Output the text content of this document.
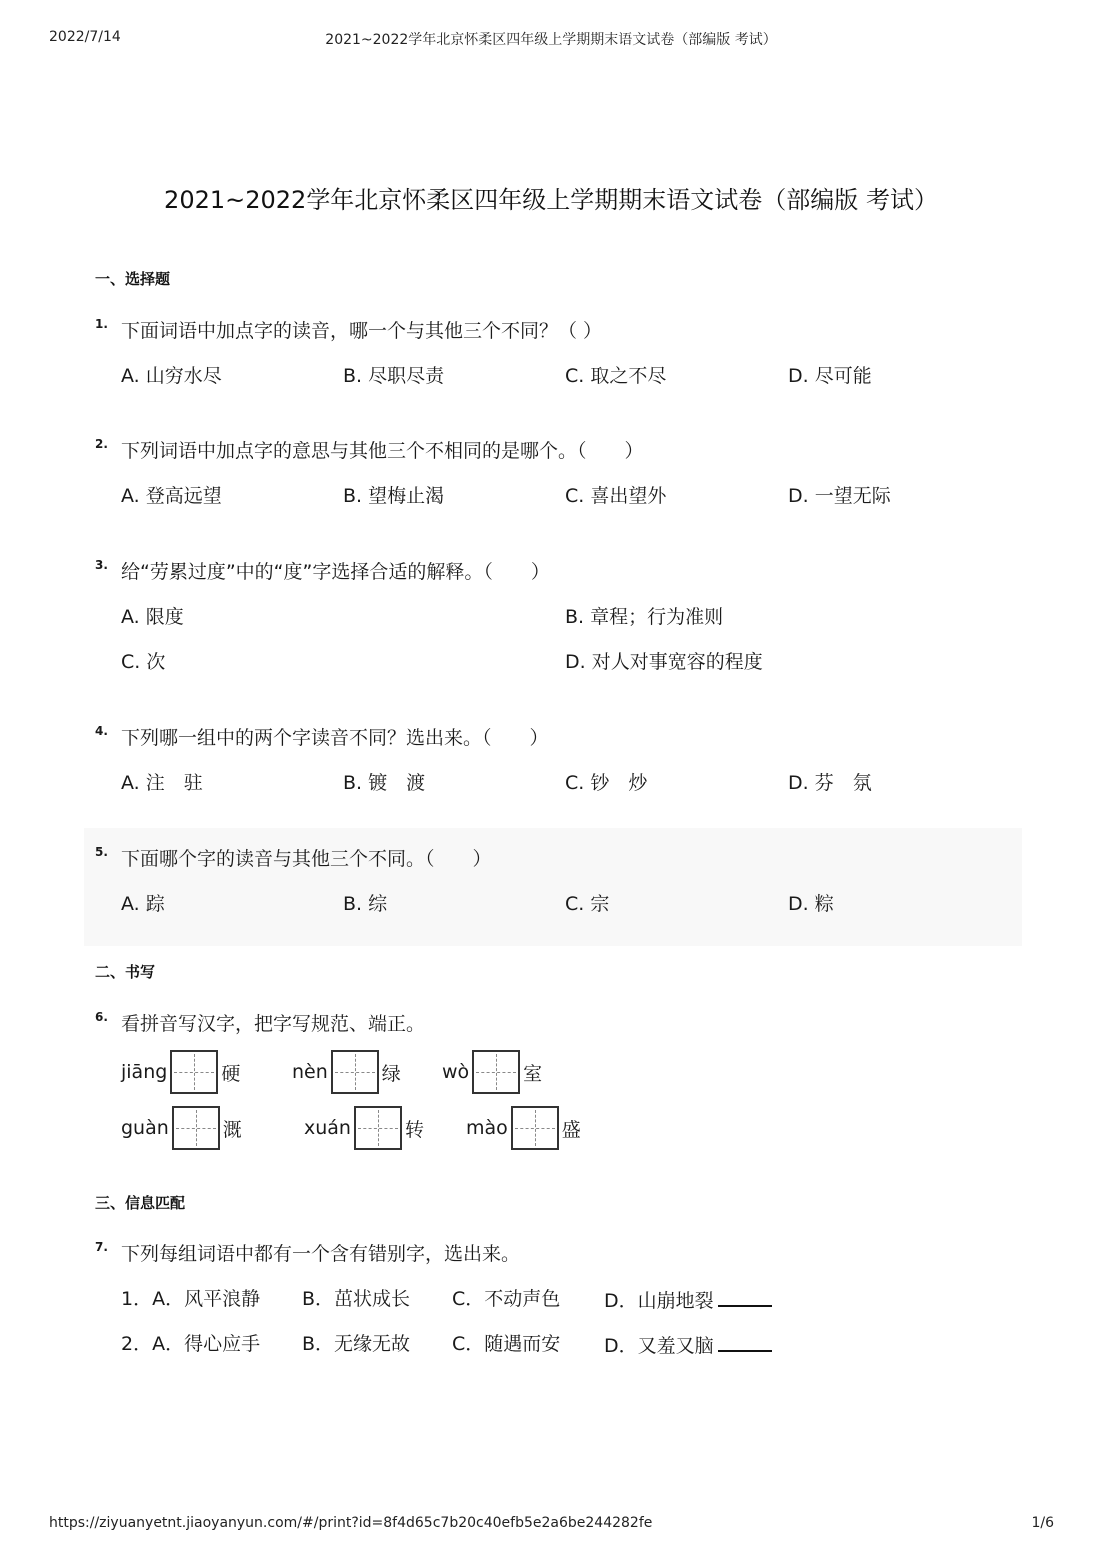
2022/7/14	2021~2022学年北京怀柔区四年级上学期期末语文试卷（部编版 考试）
2021~2022学年北京怀柔区四年级上学期期末语文试卷（部编版 考试）
一、选择题
1. 下面词语中加点字的读音，哪一个与其他三个不同？（ ）
A. 山穷水尽	B. 尽职尽责	C. 取之不尽	D. 尽可能
2. 下列词语中加点字的意思与其他三个不相同的是哪个。（　　）
A. 登高远望	B. 望梅止渴	C. 喜出望外	D. 一望无际
3. 给“劳累过度”中的“度”字选择合适的解释。（　　）
A. 限度	B. 章程；行为准则
C. 次	D. 对人对事宽容的程度
4. 下列哪一组中的两个字读音不同？选出来。（　　）
A. 注　驻	B. 镀　渡	C. 钞　炒	D. 芬　氛
5. 下面哪个字的读音与其他三个不同。（　　）
A. 踪	B. 综	C. 宗	D. 粽
二、书写
6. 看拼音写汉字，把字写规范、端正。
jiāng	硬	nèn	绿 wò	室
guàn	溉	xuán	转 mào	盛
三、信息匹配
7. 下列每组词语中都有一个含有错别字，选出来。
1．A．风平浪静 B．茁状成长 C．不动声色 D．山崩地裂
2．A．得心应手 B．无缘无故 C．随遇而安 D．又羞又脑
https://ziyuanyetnt.jiaoyanyun.com/#/print?id=8f4d65c7b20c40efb5e2a6be244282fe	1/6
